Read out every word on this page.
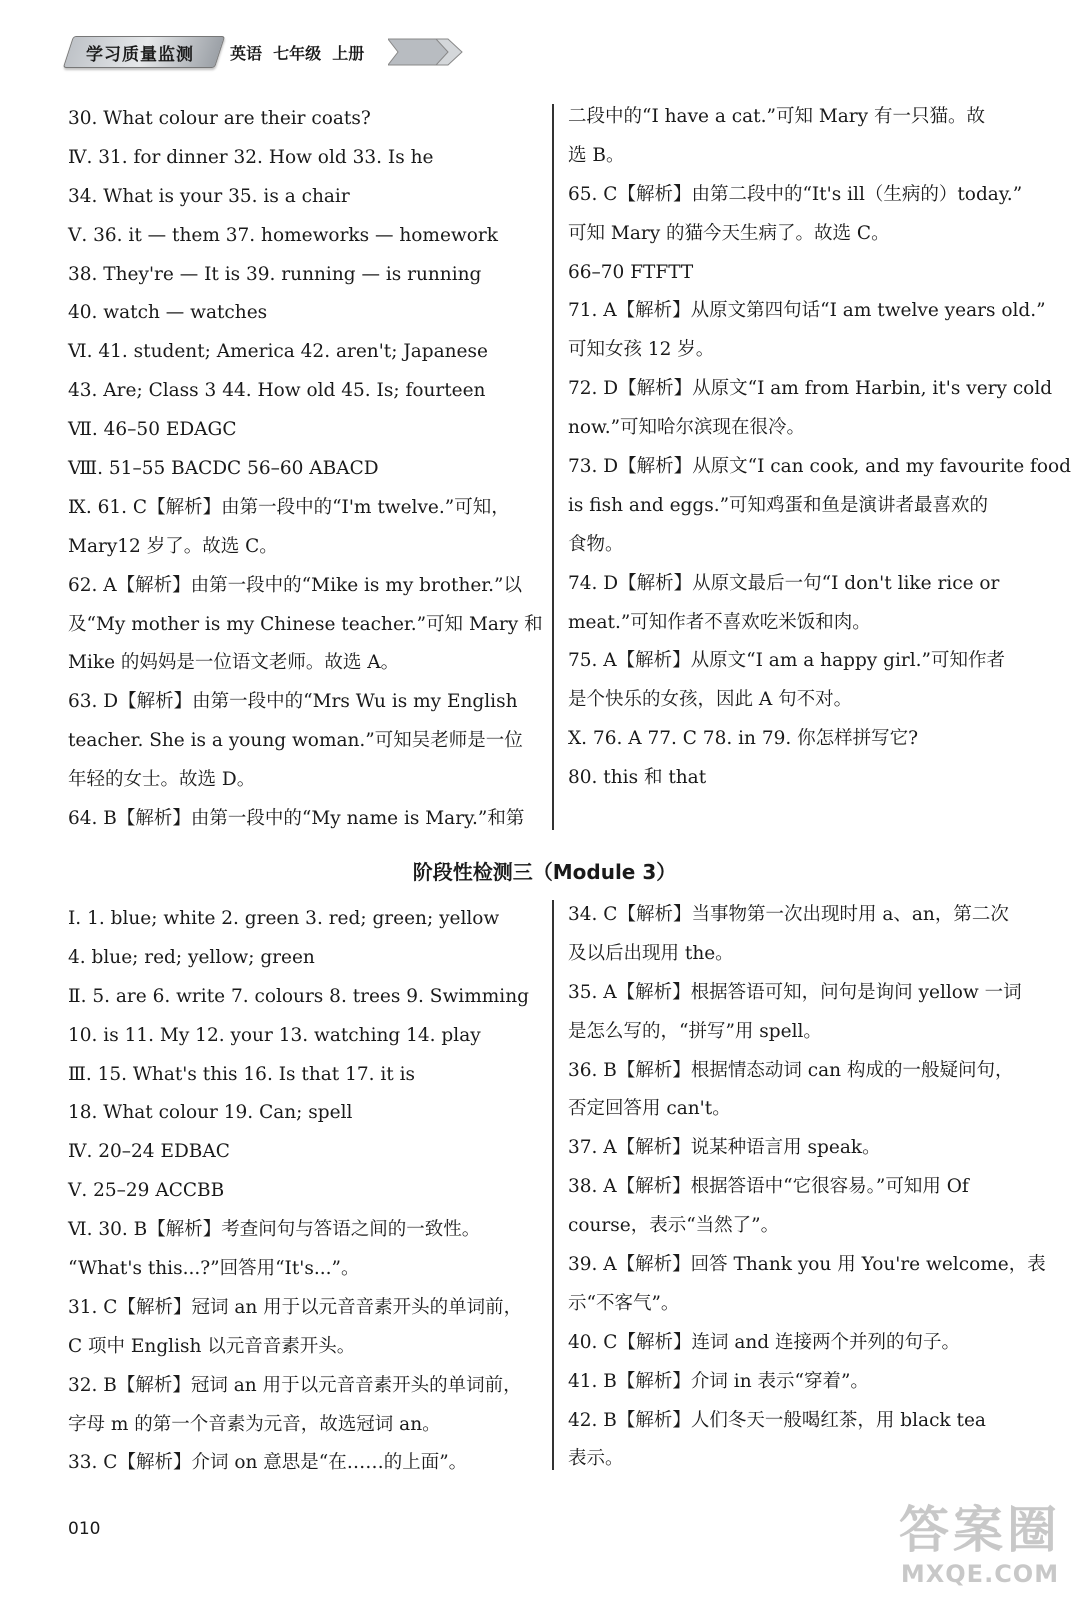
学习质量监测 英语  七年级  上册
30. What colour are their coats?
Ⅳ. 31. for dinner 32. How old 33. Is he
34. What is your 35. is a chair
Ⅴ. 36. it — them 37. homeworks — homework
38. They're — It is 39. running — is running
40. watch — watches
Ⅵ. 41. student; America 42. aren't; Japanese
43. Are; Class 3 44. How old 45. Is; fourteen
Ⅶ. 46–50 EDAGC
Ⅷ. 51–55 BACDC 56–60 ABACD
Ⅸ. 61. C【解析】由第一段中的“I'm twelve.”可知，
Mary12 岁了。故选 C。
62. A【解析】由第一段中的“Mike is my brother.”以
及“My mother is my Chinese teacher.”可知 Mary 和
Mike 的妈妈是一位语文老师。故选 A。
63. D【解析】由第一段中的“Mrs Wu is my English
teacher. She is a young woman.”可知吴老师是一位
年轻的女士。故选 D。
64. B【解析】由第一段中的“My name is Mary.”和第
二段中的“I have a cat.”可知 Mary 有一只猫。故
选 B。
65. C【解析】由第二段中的“It's ill（生病的）today.”
可知 Mary 的猫今天生病了。故选 C。
66–70 FTFTT
71. A【解析】从原文第四句话“I am twelve years old.”
可知女孩 12 岁。
72. D【解析】从原文“I am from Harbin, it's very cold
now.”可知哈尔滨现在很冷。
73. D【解析】从原文“I can cook, and my favourite food
is fish and eggs.”可知鸡蛋和鱼是演讲者最喜欢的
食物。
74. D【解析】从原文最后一句“I don't like rice or
meat.”可知作者不喜欢吃米饭和肉。
75. A【解析】从原文“I am a happy girl.”可知作者
是个快乐的女孩，因此 A 句不对。
Ⅹ. 76. A 77. C 78. in 79. 你怎样拼写它?
80. this 和 that
阶段性检测三（Module 3）
Ⅰ. 1. blue; white 2. green 3. red; green; yellow
4. blue; red; yellow; green
Ⅱ. 5. are 6. write 7. colours 8. trees 9. Swimming
10. is 11. My 12. your 13. watching 14. play
Ⅲ. 15. What's this 16. Is that 17. it is
18. What colour 19. Can; spell
Ⅳ. 20–24 EDBAC
Ⅴ. 25–29 ACCBB
Ⅵ. 30. B【解析】考查问句与答语之间的一致性。
“What's this...?”回答用“It's...”。
31. C【解析】冠词 an 用于以元音音素开头的单词前，
C 项中 English 以元音音素开头。
32. B【解析】冠词 an 用于以元音音素开头的单词前，
字母 m 的第一个音素为元音，故选冠词 an。
33. C【解析】介词 on 意思是“在……的上面”。
34. C【解析】当事物第一次出现时用 a、an，第二次
及以后出现用 the。
35. A【解析】根据答语可知，问句是询问 yellow 一词
是怎么写的，“拼写”用 spell。
36. B【解析】根据情态动词 can 构成的一般疑问句，
否定回答用 can't。
37. A【解析】说某种语言用 speak。
38. A【解析】根据答语中“它很容易。”可知用 Of
course，表示“当然了”。
39. A【解析】回答 Thank you 用 You're welcome，表
示“不客气”。
40. C【解析】连词 and 连接两个并列的句子。
41. B【解析】介词 in 表示“穿着”。
42. B【解析】人们冬天一般喝红茶，用 black tea
表示。
010	答案圈
MXQE.COM
